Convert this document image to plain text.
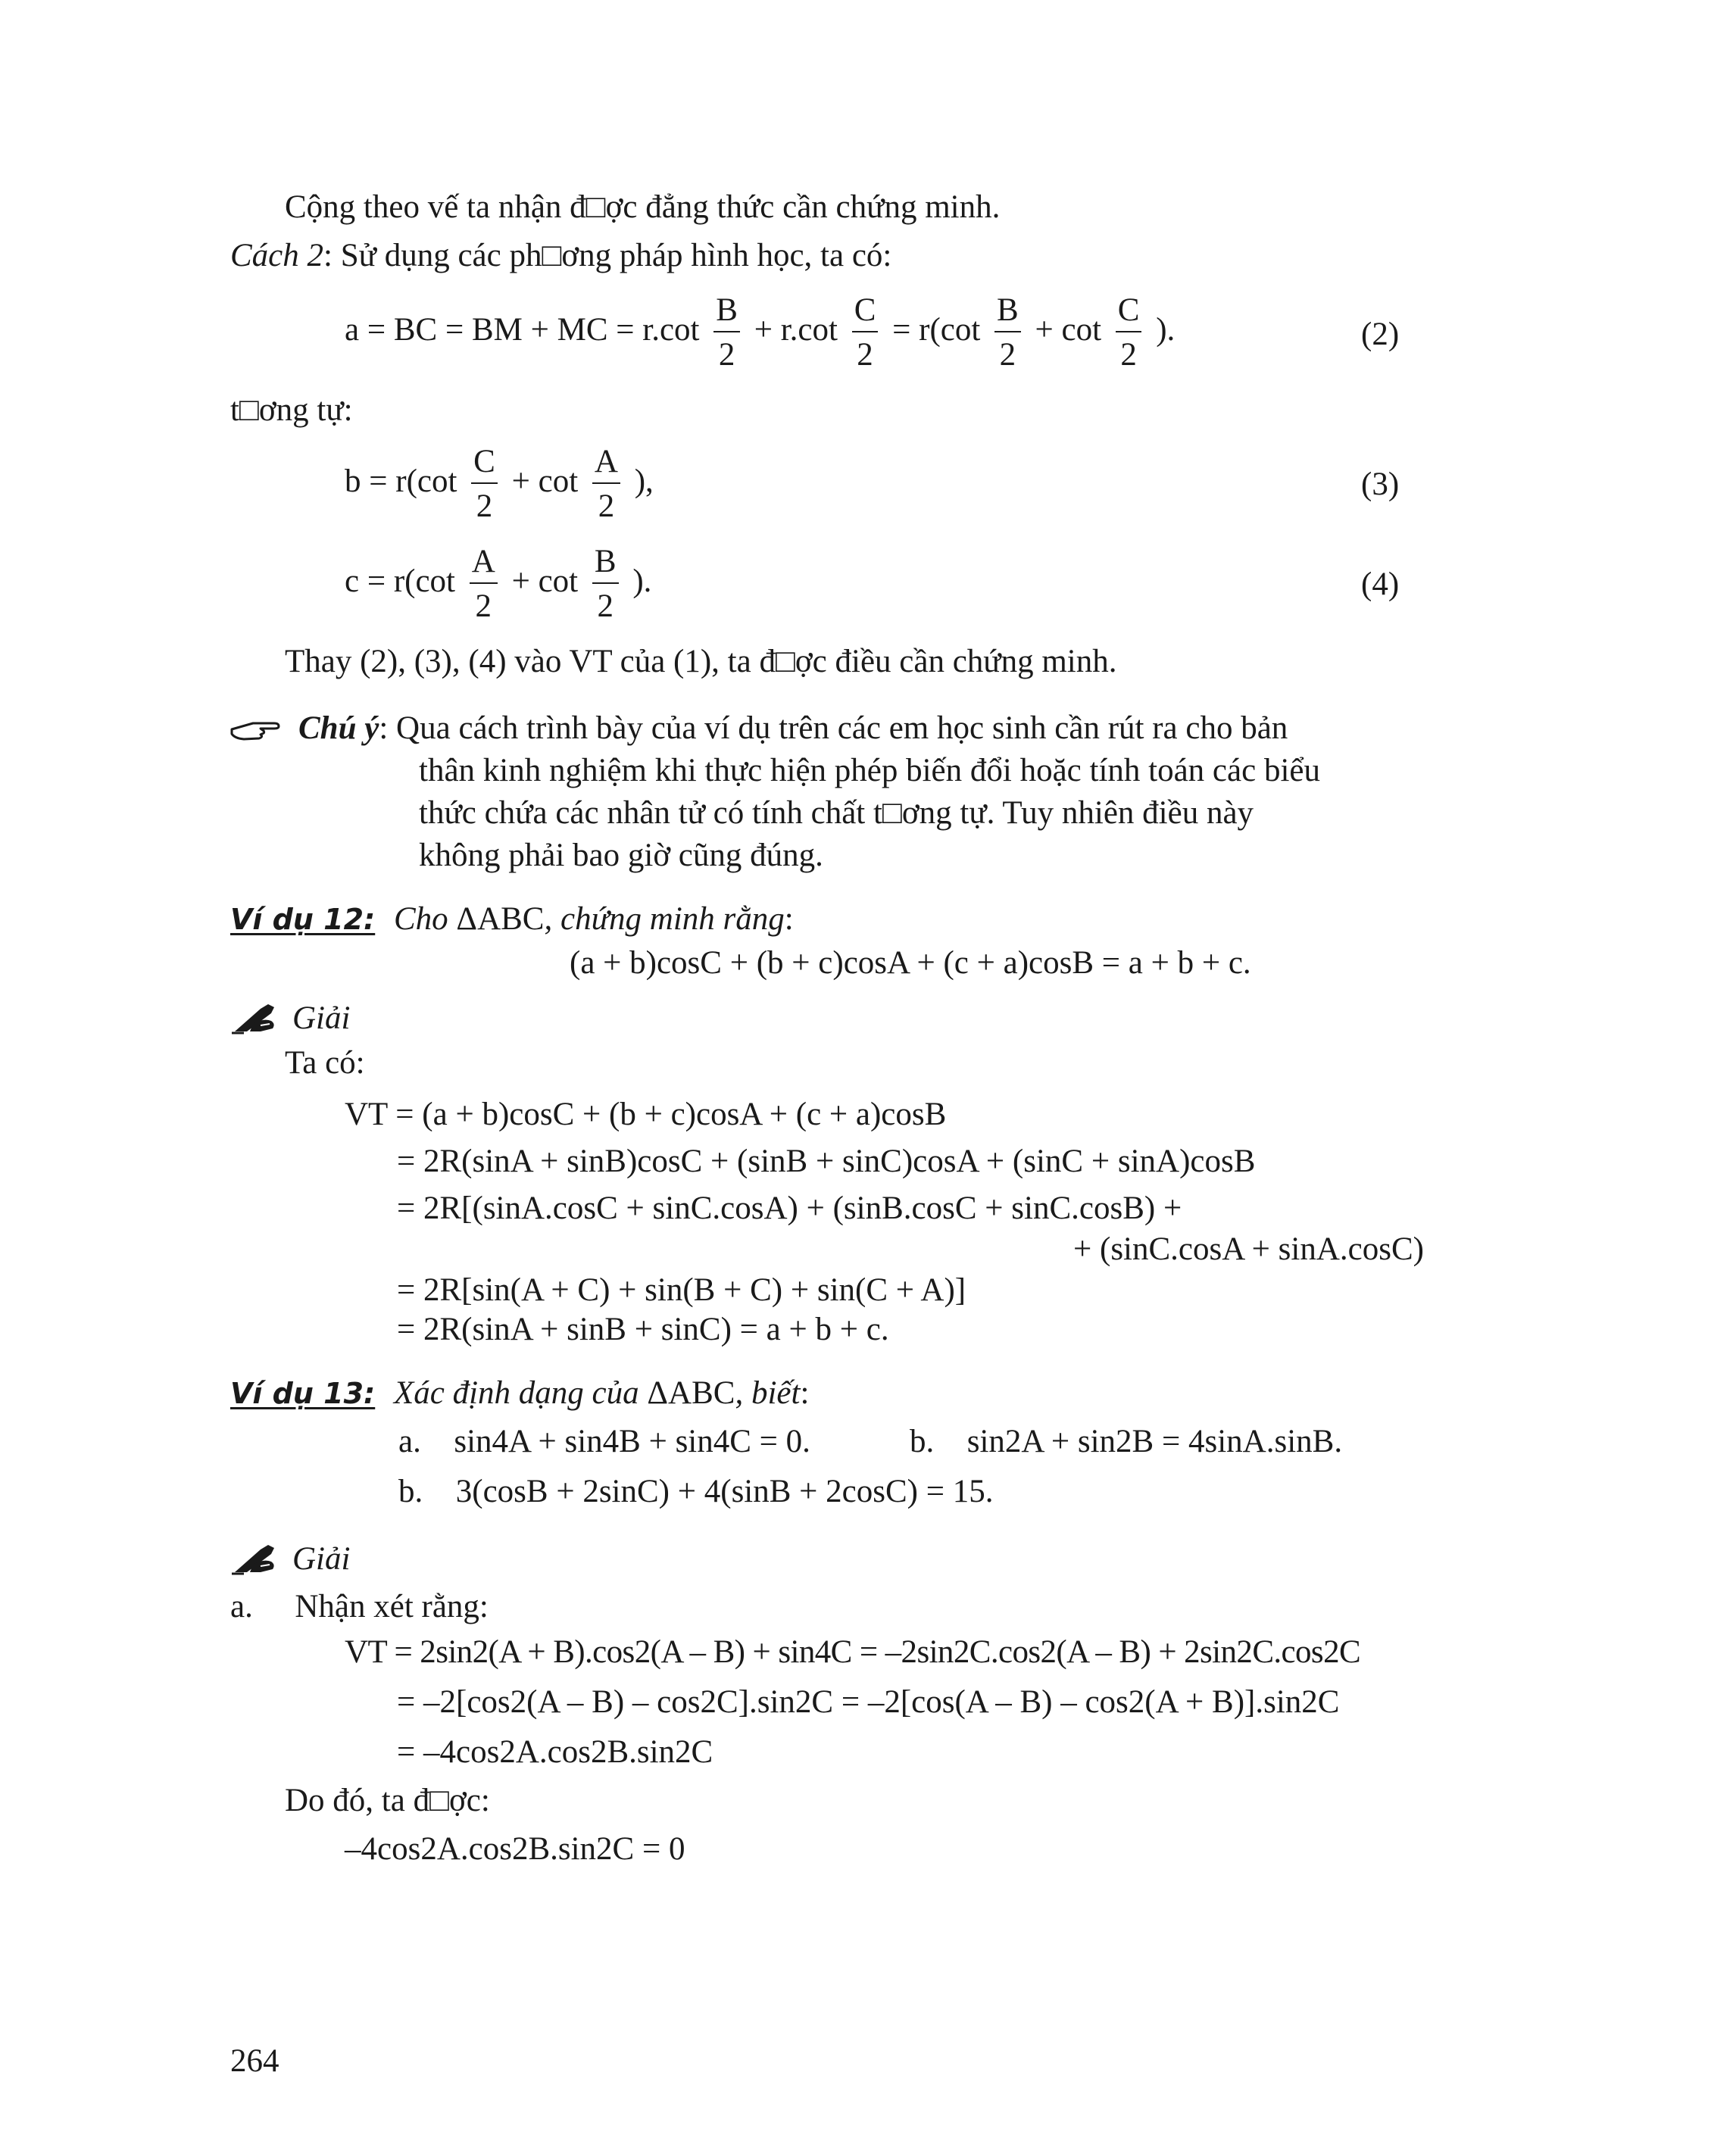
Cộng theo vế ta nhận đ□ợc đẳng thức cần chứng minh.
Cách 2: Sử dụng các ph□ơng pháp hình học, ta có:
a = BC = BM + MC = $r.\cot \frac{B}{2} + r.\cot \frac{C}{2} = r(\cot \frac{B}{2} + \cot \frac{C}{2}$ ).	(2)
t□ơng tự:
$b = r(\cot \frac{C}{2} + \cot \frac{A}{2}$ ),	(3)
$c = r(\cot \frac{A}{2} + \cot \frac{B}{2}$ ).	(4)
Thay (2), (3), (4) vào VT của (1), ta đ□ợc điều cần chứng minh.
Chú ý: Qua cách trình bày của ví dụ trên các em học sinh cần rút ra cho bản
thân kinh nghiệm khi thực hiện phép biến đổi hoặc tính toán các biểu
thức chứa các nhân tử có tính chất t□ơng tự. Tuy nhiên điều này
không phải bao giờ cũng đúng.
Ví dụ 12: Cho ΔABC, chứng minh rằng:
(a + b)cosC + (b + c)cosA + (c + a)cosB = a + b + c.
Giải
Ta có:
VT = (a + b)cosC + (b + c)cosA + (c + a)cosB
= 2R(sinA + sinB)cosC + (sinB + sinC)cosA + (sinC + sinA)cosB
= 2R[(sinA.cosC + sinC.cosA) + (sinB.cosC + sinC.cosB) +
+ (sinC.cosA + sinA.cosC)
= 2R[sin(A + C) + sin(B + C) + sin(C + A)]
= 2R(sinA + sinB + sinC) = a + b + c.
Ví dụ 13: Xác định dạng của ΔABC, biết:
a. sin4A + sin4B + sin4C = 0.	b. sin2A + sin2B = 4sinA.sinB.
b. 3(cosB + 2sinC) + 4(sinB + 2cosC) = 15.
Giải
a. Nhận xét rằng:
VT = 2sin2(A + B).cos2(A – B) + sin4C = –2sin2C.cos2(A – B) + 2sin2C.cos2C
= –2[cos2(A – B) – cos2C].sin2C = –2[cos(A – B) – cos2(A + B)].sin2C
= –4cos2A.cos2B.sin2C
Do đó, ta đ□ợc:
–4cos2A.cos2B.sin2C = 0
264
